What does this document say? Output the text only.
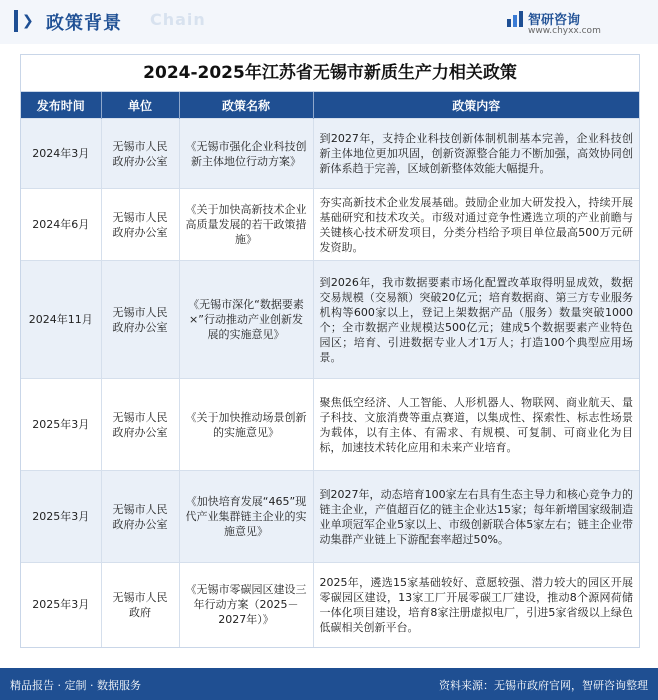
❯ 政策背景 Chain	智研咨询
www.chyxx.com
2024-2025年江苏省无锡市新质生产力相关政策
发布时间	单位	政策名称	政策内容
2024年3月	无锡市人民政府办公室	《无锡市强化企业科技创新主体地位行动方案》	到2027年，支持企业科技创新体制机制基本完善，企业科技创新主体地位更加巩固，创新资源整合能力不断加强，高效协同创新体系趋于完善，区域创新整体效能大幅提升。
2024年6月	无锡市人民政府办公室	《关于加快高新技术企业高质量发展的若干政策措施》	夯实高新技术企业发展基础。鼓励企业加大研发投入，持续开展基础研究和技术攻关。市级对通过竞争性遴选立项的产业前瞻与关键核心技术研发项目，分类分档给予项目单位最高500万元研发资助。
2024年11月	无锡市人民政府办公室	《无锡市深化“数据要素×”行动推动产业创新发展的实施意见》	到2026年，我市数据要素市场化配置改革取得明显成效，数据交易规模（交易额）突破20亿元；培育数据商、第三方专业服务机构等600家以上，登记上架数据产品（服务）数量突破1000个；全市数据产业规模达500亿元；建成5个数据要素产业特色园区；培育、引进数据专业人才1万人；打造100个典型应用场景。
2025年3月	无锡市人民政府办公室	《关于加快推动场景创新的实施意见》	聚焦低空经济、人工智能、人形机器人、物联网、商业航天、量子科技、文旅消费等重点赛道，以集成性、探索性、标志性场景为载体，以有主体、有需求、有规模、可复制、可商业化为目标，加速技术转化应用和未来产业培育。
2025年3月	无锡市人民政府办公室	《加快培育发展“465”现代产业集群链主企业的实施意见》	到2027年，动态培育100家左右具有生态主导力和核心竞争力的链主企业，产值超百亿的链主企业达15家；每年新增国家级制造业单项冠军企业5家以上、市级创新联合体5家左右；链主企业带动集群产业链上下游配套率超过50%。
2025年3月	无锡市人民政府	《无锡市零碳园区建设三年行动方案（2025－2027年）》	2025年，遴选15家基础较好、意愿较强、潜力较大的园区开展零碳园区建设，13家工厂开展零碳工厂建设，推动8个源网荷储一体化项目建设，培育8家注册虚拟电厂，引进5家省级以上绿色低碳相关创新平台。
精品报告 · 定制 · 数据服务	资料来源：无锡市政府官网，智研咨询整理
